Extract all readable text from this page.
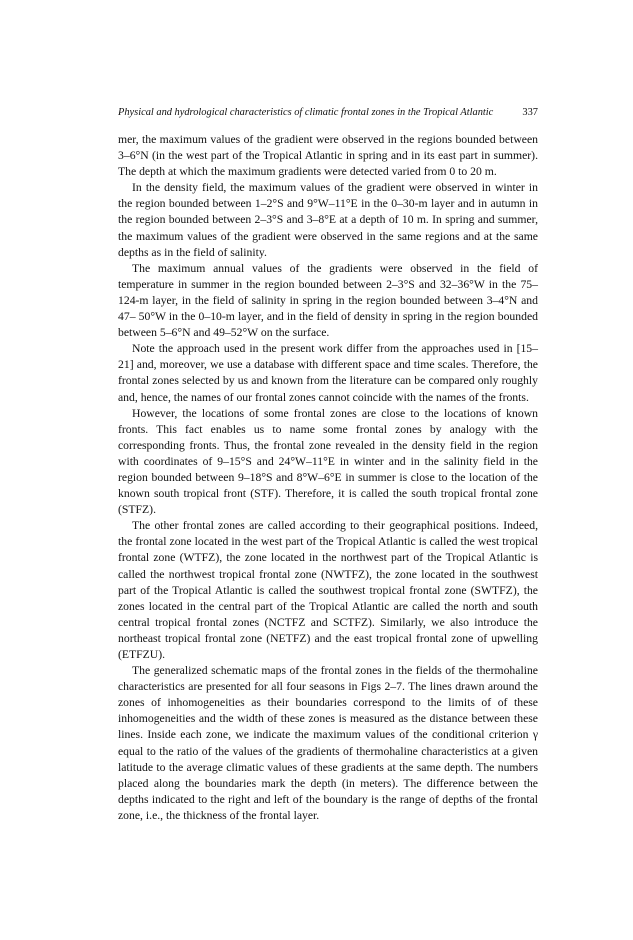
Physical and hydrological characteristics of climatic frontal zones in the Tropical Atlantic	337

mer, the maximum values of the gradient were observed in the regions bounded between 3–6°N (in the west part of the Tropical Atlantic in spring and in its east part in summer). The depth at which the maximum gradients were detected varied from 0 to 20 m.

In the density field, the maximum values of the gradient were observed in winter in the region bounded between 1–2°S and 9°W–11°E in the 0–30-m layer and in autumn in the region bounded between 2–3°S and 3–8°E at a depth of 10 m. In spring and summer, the maximum values of the gradient were observed in the same regions and at the same depths as in the field of salinity.

The maximum annual values of the gradients were observed in the field of temperature in summer in the region bounded between 2–3°S and 32–36°W in the 75–124-m layer, in the field of salinity in spring in the region bounded between 3–4°N and 47– 50°W in the 0–10-m layer, and in the field of density in spring in the region bounded between 5–6°N and 49–52°W on the surface.

Note the approach used in the present work differ from the approaches used in [15–21] and, moreover, we use a database with different space and time scales. Therefore, the frontal zones selected by us and known from the literature can be compared only roughly and, hence, the names of our frontal zones cannot coincide with the names of the fronts.

However, the locations of some frontal zones are close to the locations of known fronts. This fact enables us to name some frontal zones by analogy with the corresponding fronts. Thus, the frontal zone revealed in the density field in the region with coordinates of 9–15°S and 24°W–11°E in winter and in the salinity field in the region bounded between 9–18°S and 8°W–6°E in summer is close to the location of the known south tropical front (STF). Therefore, it is called the south tropical frontal zone (STFZ).

The other frontal zones are called according to their geographical positions. Indeed, the frontal zone located in the west part of the Tropical Atlantic is called the west tropical frontal zone (WTFZ), the zone located in the northwest part of the Tropical Atlantic is called the northwest tropical frontal zone (NWTFZ), the zone located in the southwest part of the Tropical Atlantic is called the southwest tropical frontal zone (SWTFZ), the zones located in the central part of the Tropical Atlantic are called the north and south central tropical frontal zones (NCTFZ and SCTFZ). Similarly, we also introduce the northeast tropical frontal zone (NETFZ) and the east tropical frontal zone of upwelling (ETFZU).

The generalized schematic maps of the frontal zones in the fields of the thermohaline characteristics are presented for all four seasons in Figs 2–7. The lines drawn around the zones of inhomogeneities as their boundaries correspond to the limits of of these inhomogeneities and the width of these zones is measured as the distance between these lines. Inside each zone, we indicate the maximum values of the conditional criterion γ equal to the ratio of the values of the gradients of thermohaline characteristics at a given latitude to the average climatic values of these gradients at the same depth. The numbers placed along the boundaries mark the depth (in meters). The difference between the depths indicated to the right and left of the boundary is the range of depths of the frontal zone, i.e., the thickness of the frontal layer.
